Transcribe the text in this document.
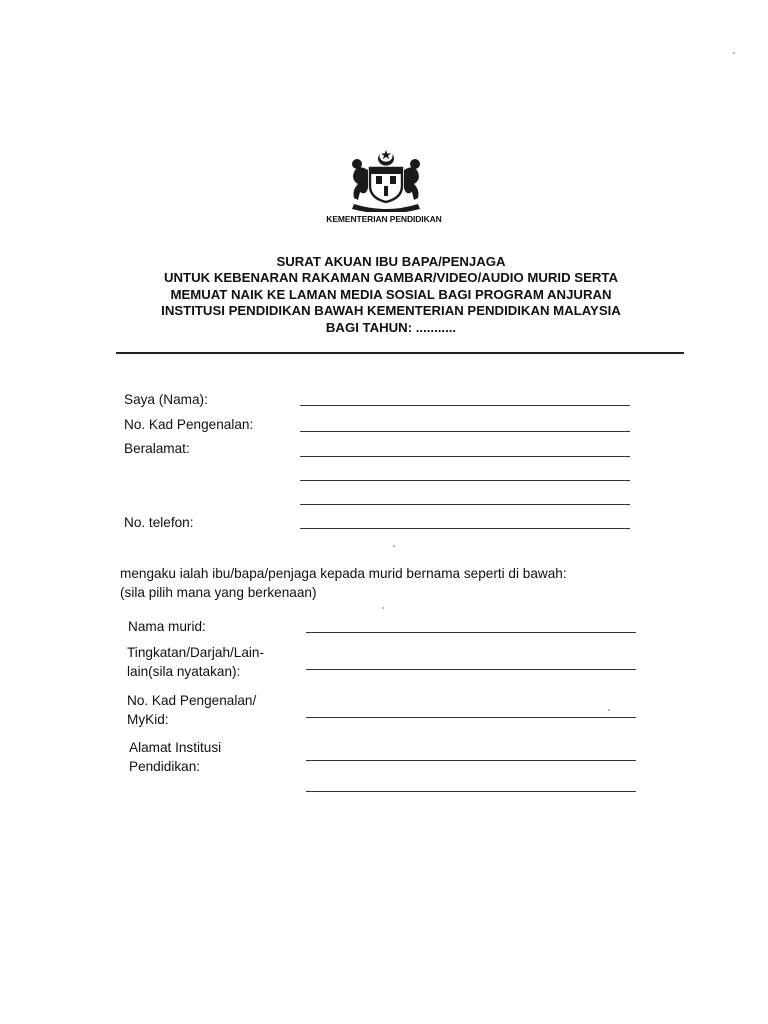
KEMENTERIAN PENDIDIKAN
SURAT AKUAN IBU BAPA/PENJAGA
UNTUK KEBENARAN RAKAMAN GAMBAR/VIDEO/AUDIO MURID SERTA
MEMUAT NAIK KE LAMAN MEDIA SOSIAL BAGI PROGRAM ANJURAN
INSTITUSI PENDIDIKAN BAWAH KEMENTERIAN PENDIDIKAN MALAYSIA
BAGI TAHUN: ...........
Saya (Nama):
No. Kad Pengenalan:
Beralamat:
No. telefon:
mengaku ialah ibu/bapa/penjaga kepada murid bernama seperti di bawah:
(sila pilih mana yang berkenaan)
Nama murid:
Tingkatan/Darjah/Lain-
lain(sila nyatakan):
No. Kad Pengenalan/
MyKid:
Alamat Institusi
Pendidikan:
